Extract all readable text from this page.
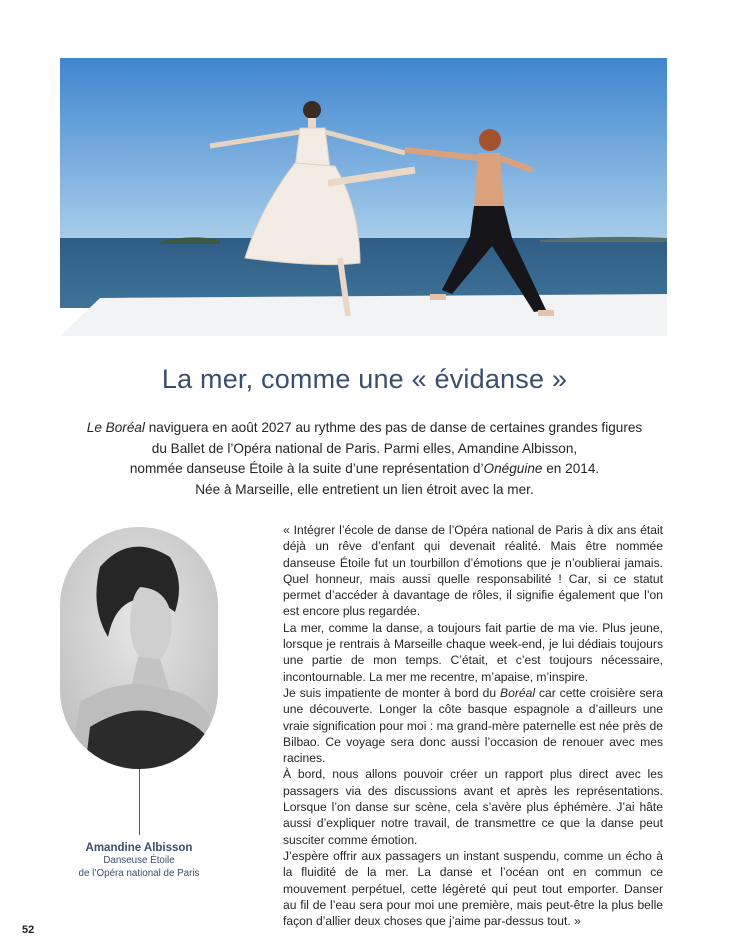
La mer, comme une « évidanse »

Le Boréal naviguera en août 2027 au rythme des pas de danse de certaines grandes figures

du Ballet de l’Opéra national de Paris. Parmi elles, Amandine Albisson,

nommée danseuse Étoile à la suite d’une représentation d’Onéguine en 2014.

Née à Marseille, elle entretient un lien étroit avec la mer.

Amandine Albisson
Danseuse Étoile
de l’Opéra national de Paris

« Intégrer l’école de danse de l’Opéra national de Paris à dix ans était déjà un rêve d’enfant qui devenait réalité. Mais être nommée danseuse Étoile fut un tourbillon d’émotions que je n’oublierai jamais. Quel honneur, mais aussi quelle responsabilité ! Car, si ce statut permet d’accéder à davantage de rôles, il signifie également que l’on est encore plus regardée.

La mer, comme la danse, a toujours fait partie de ma vie. Plus jeune, lorsque je rentrais à Marseille chaque week-end, je lui dédiais toujours une partie de mon temps. C’était, et c’est toujours nécessaire, incontournable. La mer me recentre, m’apaise, m’inspire.

Je suis impatiente de monter à bord du Boréal car cette croisière sera une découverte. Longer la côte basque espagnole a d’ailleurs une vraie signification pour moi : ma grand-mère paternelle est née près de Bilbao. Ce voyage sera donc aussi l’occasion de renouer avec mes racines.

À bord, nous allons pouvoir créer un rapport plus direct avec les passagers via des discussions avant et après les représentations. Lorsque l’on danse sur scène, cela s’avère plus éphémère. J’ai hâte aussi d’expliquer notre travail, de transmettre ce que la danse peut susciter comme émotion.

J’espère offrir aux passagers un instant suspendu, comme un écho à la fluidité de la mer. La danse et l’océan ont en commun ce mouvement perpétuel, cette légèreté qui peut tout emporter. Danser au fil de l’eau sera pour moi une première, mais peut-être la plus belle façon d’allier deux choses que j’aime par-dessus tout. »

52
